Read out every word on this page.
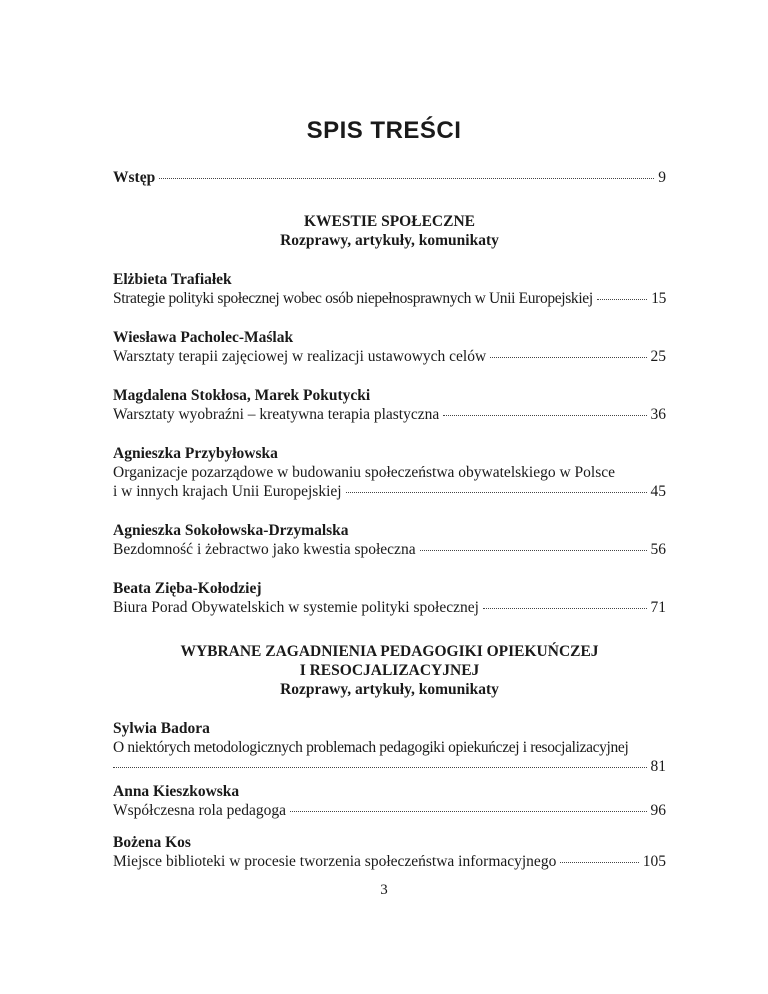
SPIS TREŚCI
Wstęp	9
KWESTIE SPOŁECZNE
Rozprawy, artykuły, komunikaty
Elżbieta Trafiałek
Strategie polityki społecznej wobec osób niepełnosprawnych w Unii Europejskiej	15
Wiesława Pacholec-Maślak
Warsztaty terapii zajęciowej w realizacji ustawowych celów	25
Magdalena Stokłosa, Marek Pokutycki
Warsztaty wyobraźni – kreatywna terapia plastyczna	36
Agnieszka Przybyłowska
Organizacje pozarządowe w budowaniu społeczeństwa obywatelskiego w Polsce
i w innych krajach Unii Europejskiej	45
Agnieszka Sokołowska-Drzymalska
Bezdomność i żebractwo jako kwestia społeczna	56
Beata Zięba-Kołodziej
Biura Porad Obywatelskich w systemie polityki społecznej	71
WYBRANE ZAGADNIENIA PEDAGOGIKI OPIEKUŃCZEJ
I RESOCJALIZACYJNEJ
Rozprawy, artykuły, komunikaty
Sylwia Badora
O niektórych metodologicznych problemach pedagogiki opiekuńczej i resocjalizacyjnej
81
Anna Kieszkowska
Współczesna rola pedagoga	96
Bożena Kos
Miejsce biblioteki w procesie tworzenia społeczeństwa informacyjnego	105
3
